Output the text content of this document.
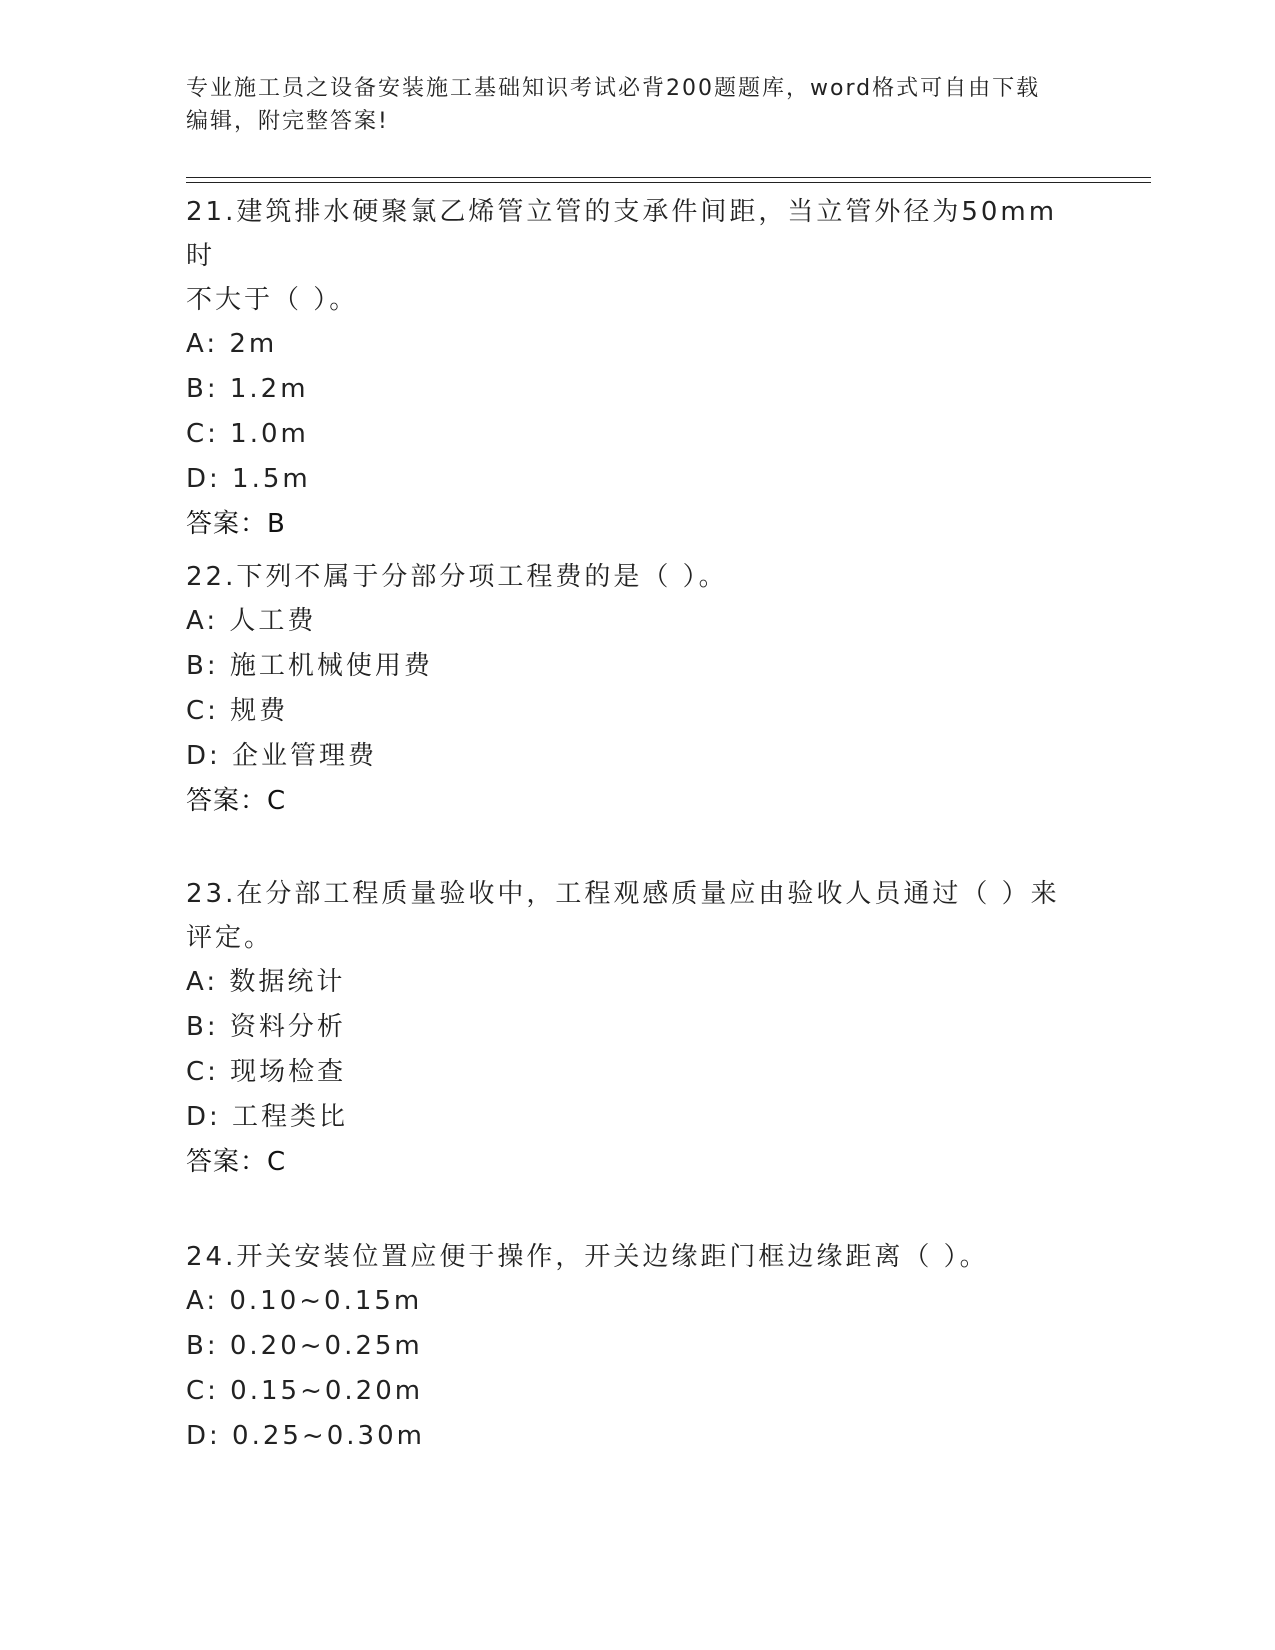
专业施工员之设备安装施工基础知识考试必背200题题库，word格式可自由下载
编辑，附完整答案!
21.建筑排水硬聚氯乙烯管立管的支承件间距，当立管外径为50mm时
不大于（ ）。
A: 2m
B: 1.2m
C: 1.0m
D: 1.5m
答案：B
22.下列不属于分部分项工程费的是（ ）。
A: 人工费
B: 施工机械使用费
C: 规费
D: 企业管理费
答案：C
23.在分部工程质量验收中，工程观感质量应由验收人员通过（ ）来
评定。
A: 数据统计
B: 资料分析
C: 现场检查
D: 工程类比
答案：C
24.开关安装位置应便于操作，开关边缘距门框边缘距离（ ）。
A: 0.10~0.15m
B: 0.20~0.25m
C: 0.15~0.20m
D: 0.25~0.30m
